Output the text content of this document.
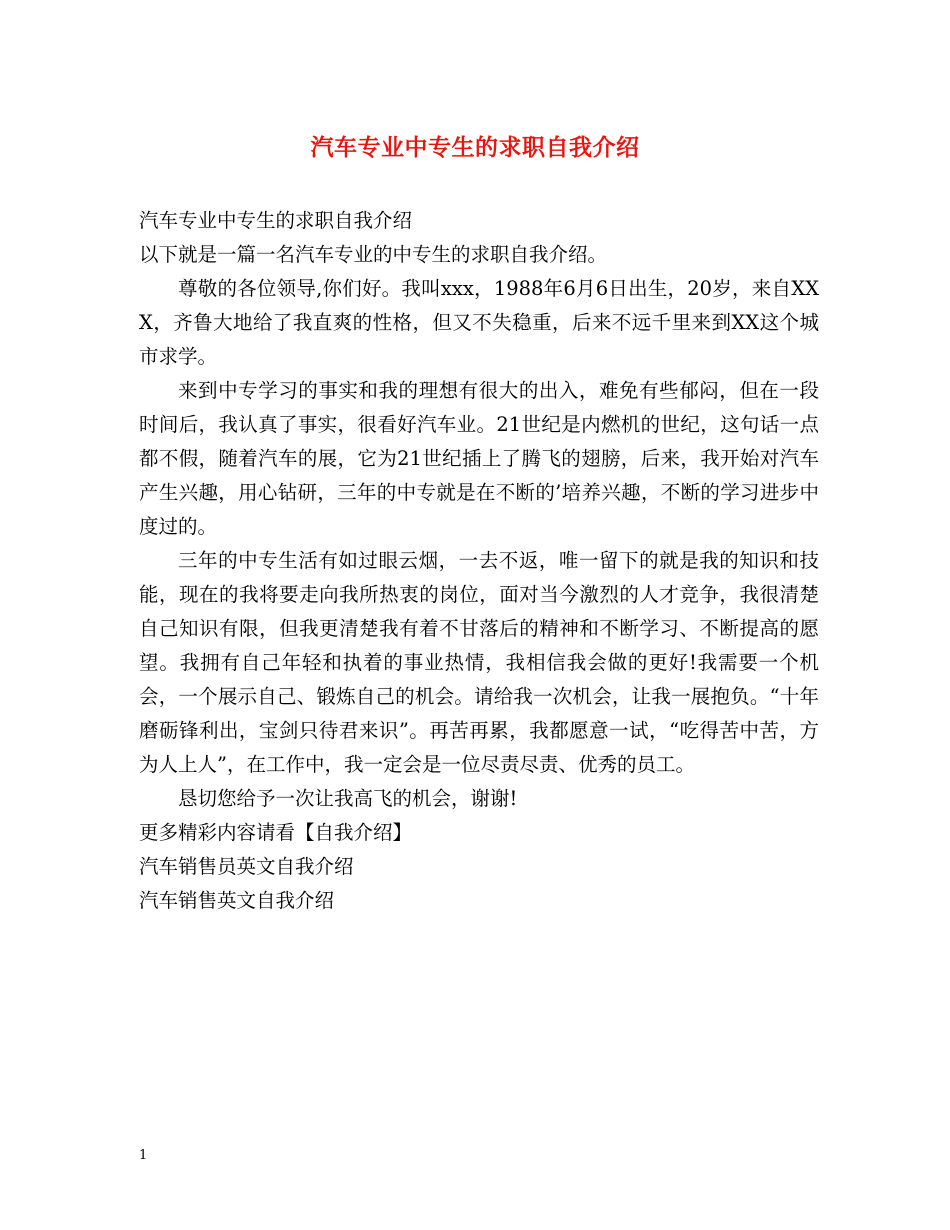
汽车专业中专生的求职自我介绍
汽车专业中专生的求职自我介绍
以下就是一篇一名汽车专业的中专生的求职自我介绍。
尊敬的各位领导,你们好。我叫xxx，1988年6月6日出生，20岁，来自XXX，齐鲁大地给了我直爽的性格，但又不失稳重，后来不远千里来到XX这个城市求学。
来到中专学习的事实和我的理想有很大的出入，难免有些郁闷，但在一段时间后，我认真了事实，很看好汽车业。21世纪是内燃机的世纪，这句话一点都不假，随着汽车的展，它为21世纪插上了腾飞的翅膀，后来，我开始对汽车产生兴趣，用心钻研，三年的中专就是在不断的’培养兴趣，不断的学习进步中度过的。
三年的中专生活有如过眼云烟，一去不返，唯一留下的就是我的知识和技能，现在的我将要走向我所热衷的岗位，面对当今激烈的人才竞争，我很清楚自己知识有限，但我更清楚我有着不甘落后的精神和不断学习、不断提高的愿望。我拥有自己年轻和执着的事业热情，我相信我会做的更好!我需要一个机会，一个展示自己、锻炼自己的机会。请给我一次机会，让我一展抱负。“十年磨砺锋利出，宝剑只待君来识”。再苦再累，我都愿意一试，“吃得苦中苦，方为人上人”，在工作中，我一定会是一位尽责尽责、优秀的员工。
恳切您给予一次让我高飞的机会，谢谢!
更多精彩内容请看【自我介绍】
汽车销售员英文自我介绍
汽车销售英文自我介绍
1
